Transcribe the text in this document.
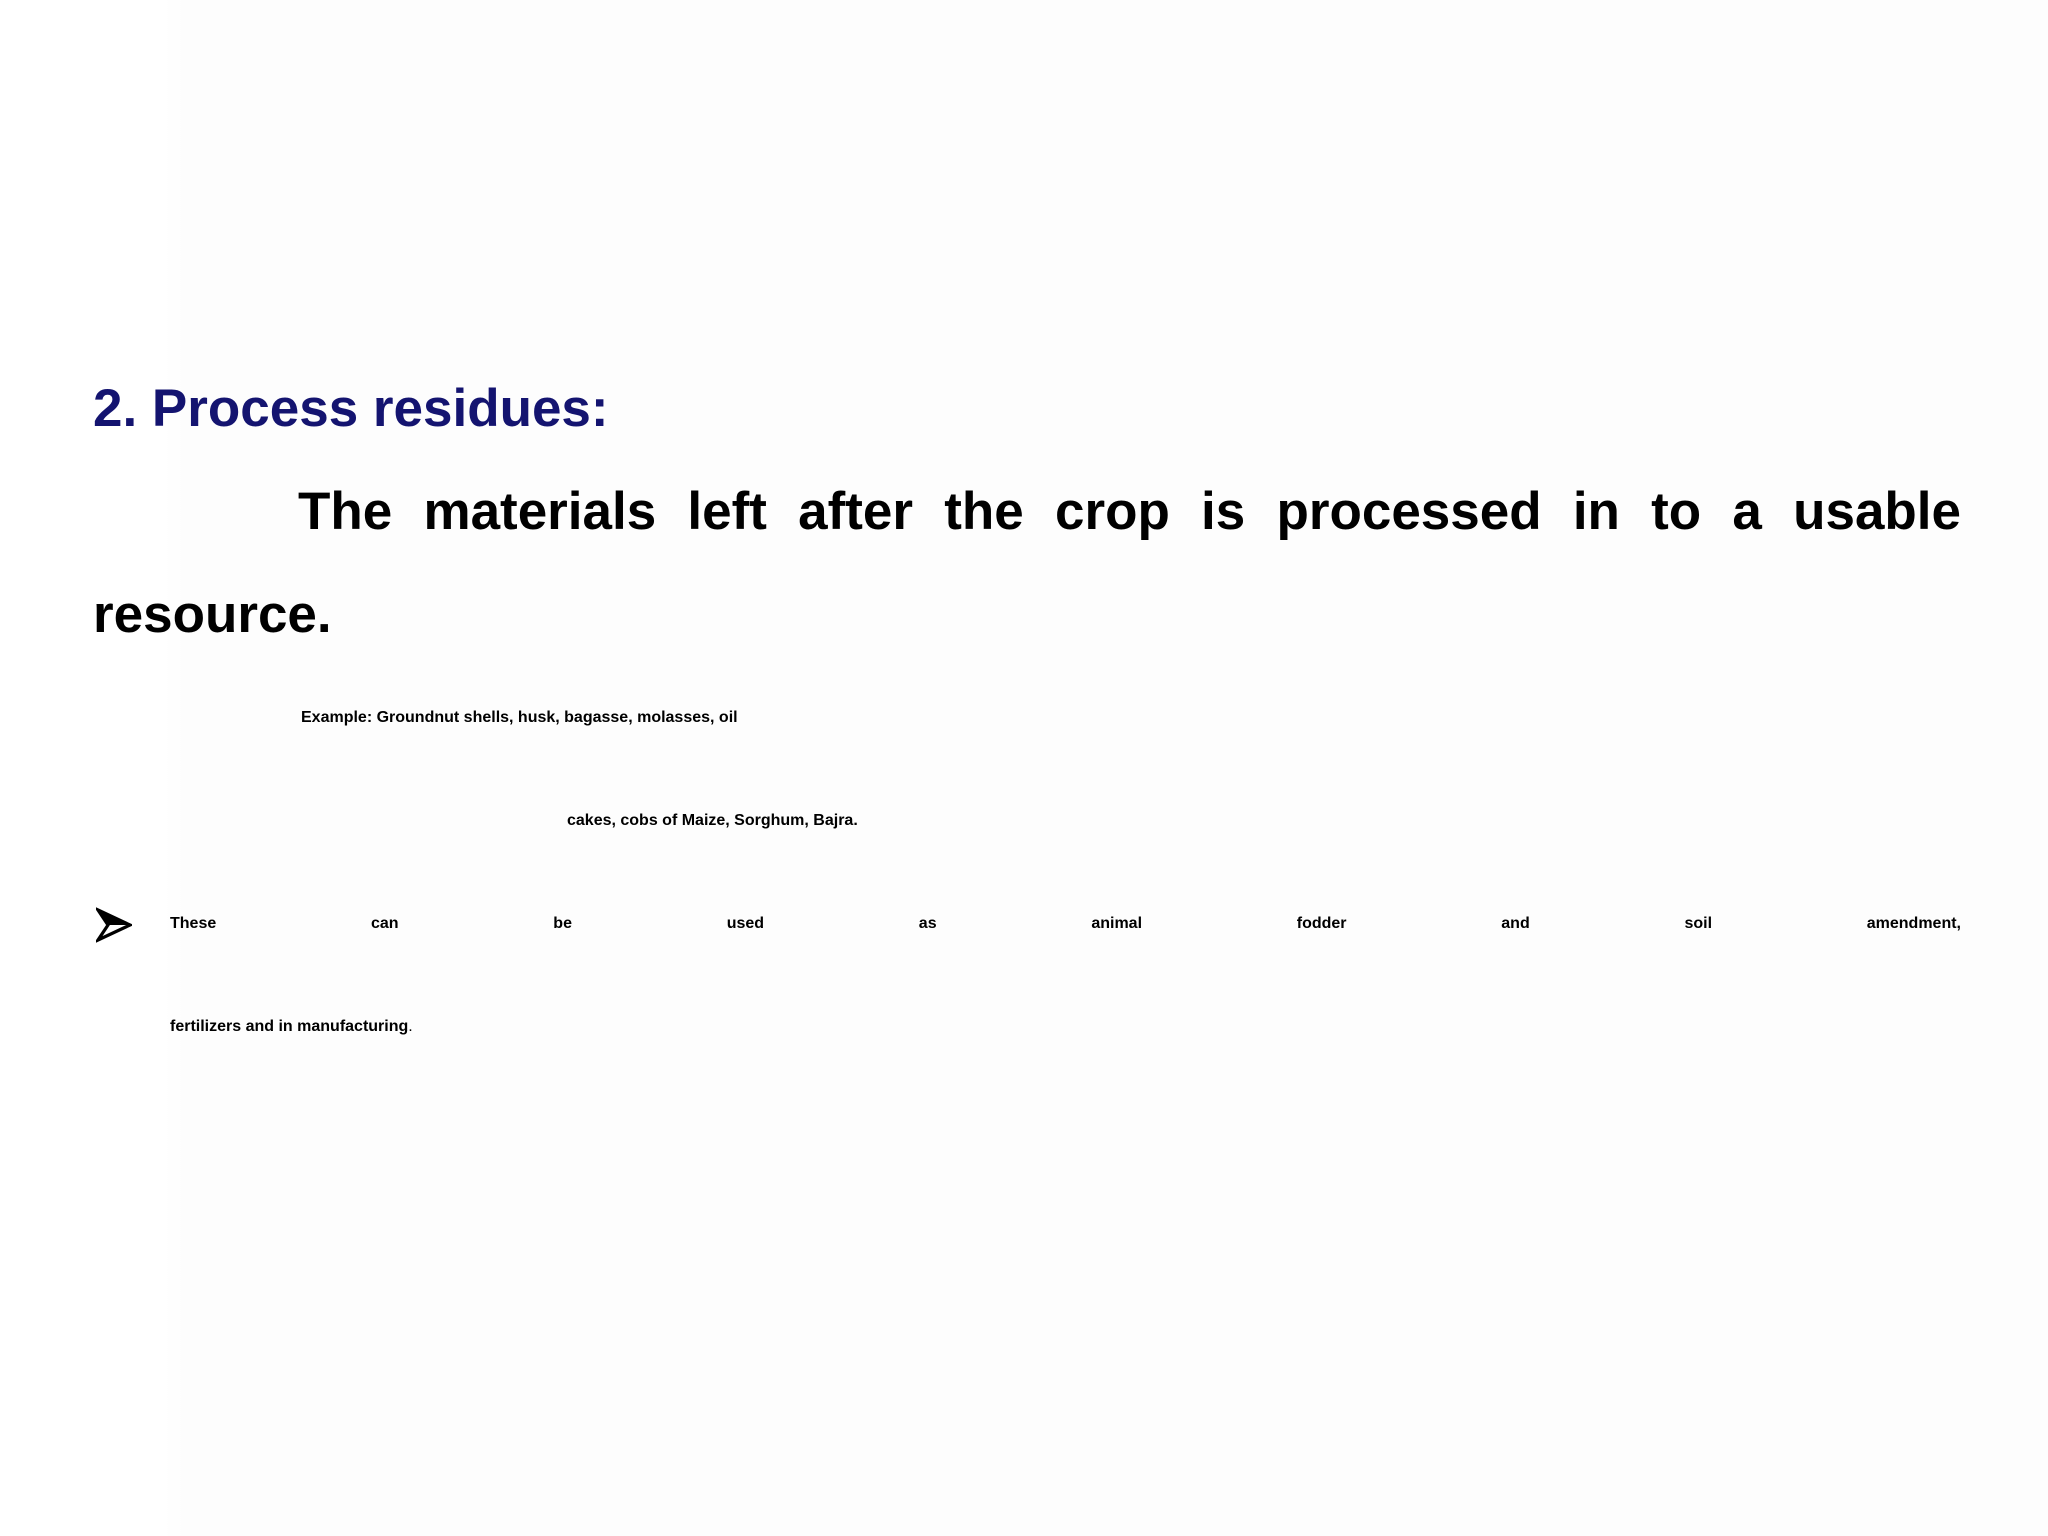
2. Process residues:
The materials left after the crop is processed in to a usable
resource.
Example: Groundnut shells, husk, bagasse, molasses, oil
cakes, cobs of Maize, Sorghum, Bajra.
These can be used as animal fodder and soil amendment,
fertilizers and in manufacturing.
